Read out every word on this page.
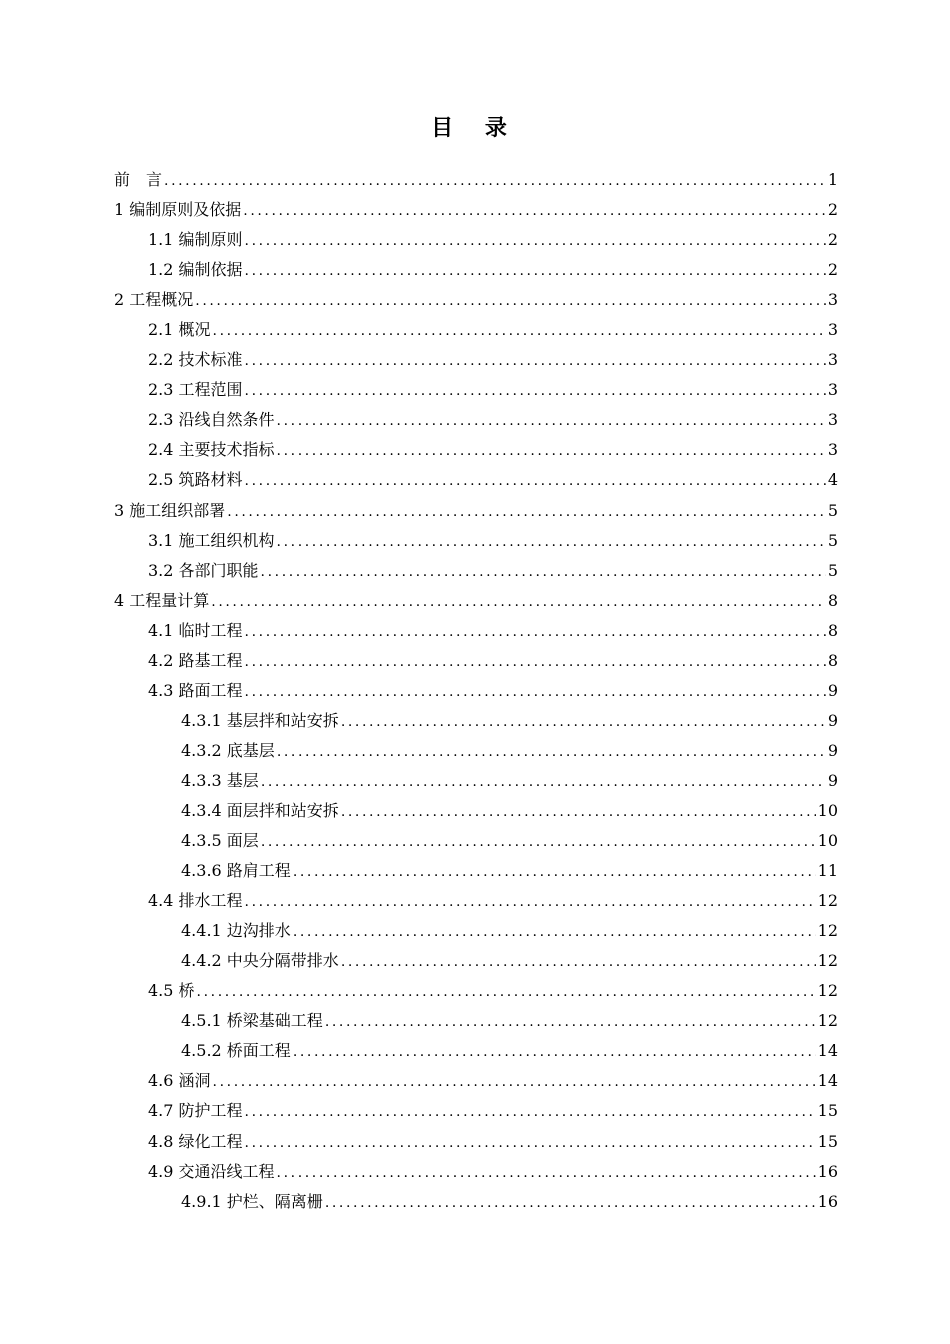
目 录
前　言 .....	1
1 编制原则及依据 .....	2
1.1 编制原则 .....	2
1.2 编制依据 .....	2
2 工程概况 .....	3
2.1 概况 .....	3
2.2 技术标准 .....	3
2.3 工程范围 .....	3
2.3 沿线自然条件 .....	3
2.4 主要技术指标 .....	3
2.5 筑路材料 .....	4
3 施工组织部署 .....	5
3.1 施工组织机构 .....	5
3.2 各部门职能 .....	5
4 工程量计算 .....	8
4.1 临时工程 .....	8
4.2 路基工程 .....	8
4.3 路面工程 .....	9
4.3.1 基层拌和站安拆 .....	9
4.3.2 底基层 .....	9
4.3.3 基层 .....	9
4.3.4 面层拌和站安拆 .....	10
4.3.5 面层 .....	10
4.3.6 路肩工程 .....	11
4.4 排水工程 .....	12
4.4.1 边沟排水 .....	12
4.4.2 中央分隔带排水 .....	12
4.5 桥 .....	12
4.5.1 桥梁基础工程 .....	12
4.5.2 桥面工程 .....	14
4.6 涵洞 .....	14
4.7 防护工程 .....	15
4.8 绿化工程 .....	15
4.9 交通沿线工程 .....	16
4.9.1 护栏、隔离栅 .....	16
